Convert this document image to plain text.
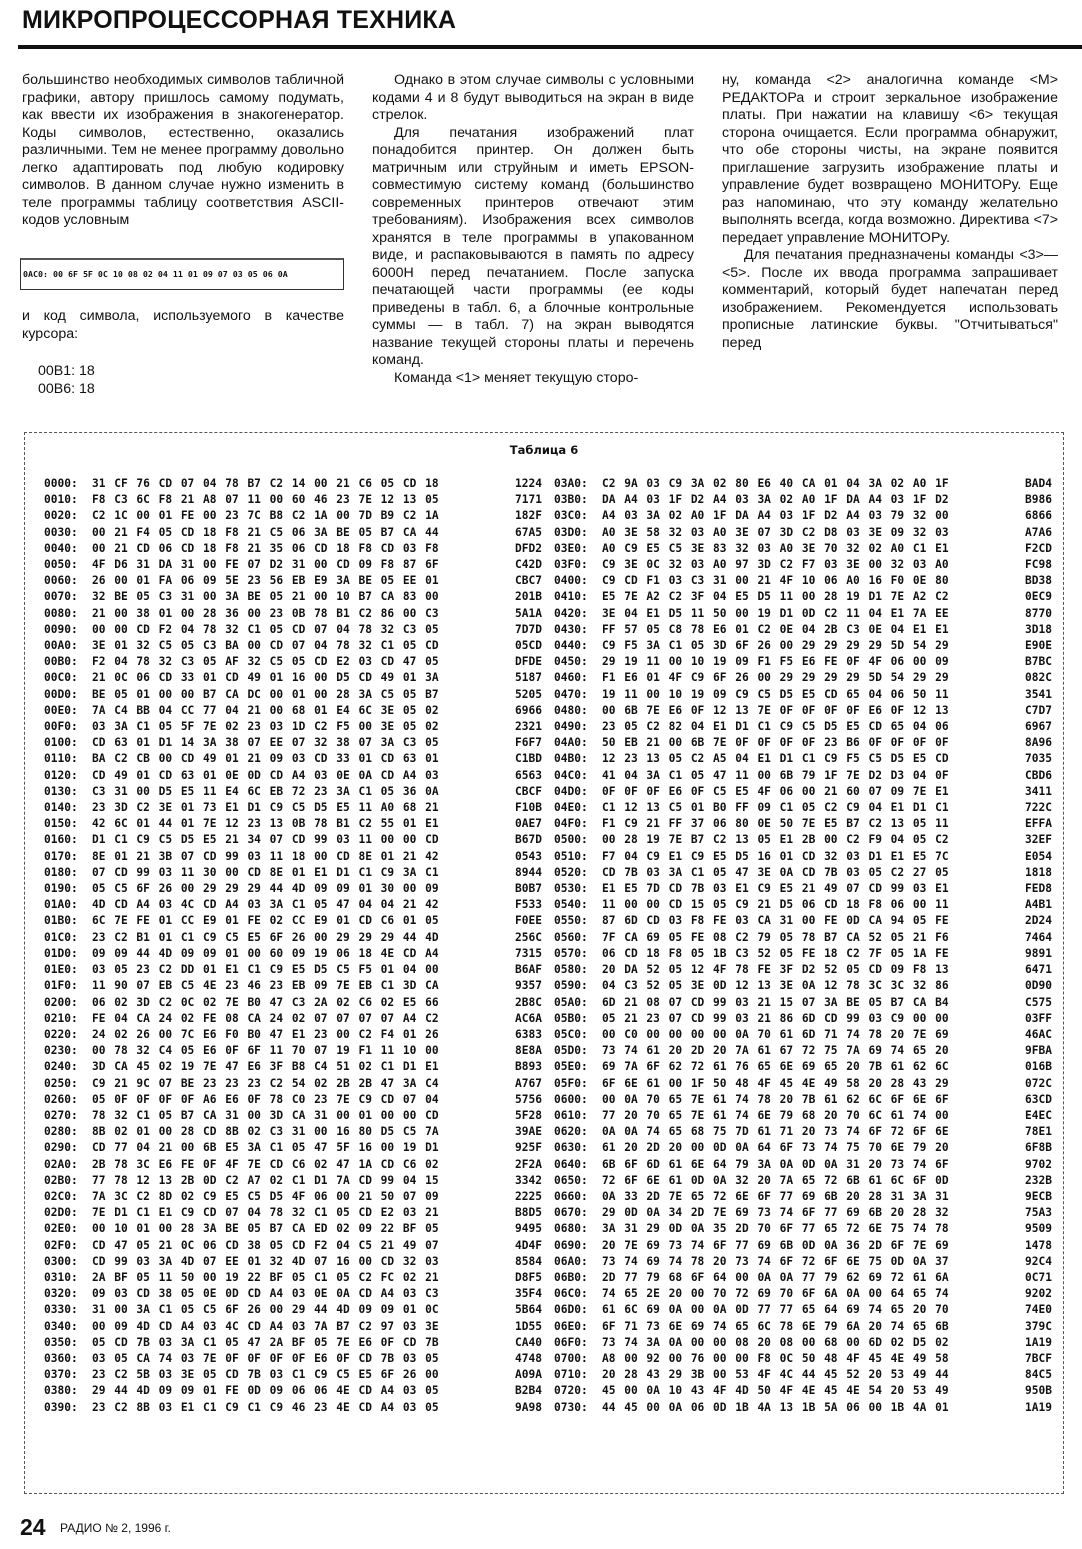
МИКРОПРОЦЕССОРНАЯ ТЕХНИКА

большинство необходимых символов табличной графики, автору пришлось самому подумать, как ввести их изображения в знакогенератор. Коды символов, естественно, оказались различными. Тем не менее программу довольно легко адаптировать под любую кодировку символов. В данном случае нужно изменить в теле программы таблицу соответствия ASCII-кодов условным

0AC0: 00 6F 5F 0C 10 08 02 04 11 01 09 07 03 05 06 0A

и код символа, используемого в качестве курсора:

00B1: 18
00B6: 18

Однако в этом случае символы с условными кодами 4 и 8 будут выводиться на экран в виде стрелок.

Для печатания изображений плат понадобится принтер. Он должен быть матричным или струйным и иметь EPSON-совместимую систему команд (большинство современных принтеров отвечают этим требованиям). Изображения всех символов хранятся в теле программы в упакованном виде, и распаковываются в память по адресу 6000H перед печатанием. После запуска печатающей части программы (ее коды приведены в табл. 6, а блочные контрольные суммы — в табл. 7) на экран выводятся название текущей стороны платы и перечень команд.

Команда <1> меняет текущую сторо-

ну, команда <2> аналогична команде <M> РЕДАКТОРа и строит зеркальное изображение платы. При нажатии на клавишу <6> текущая сторона очищается. Если программа обнаружит, что обе стороны чисты, на экране появится приглашение загрузить изображение платы и управление будет возвращено МОНИТОРу. Еще раз напоминаю, что эту команду желательно выполнять всегда, когда возможно. Директива <7> передает управление МОНИТОРу.

Для печатания предназначены команды <3>—<5>. После их ввода программа запрашивает комментарий, который будет напечатан перед изображением. Рекомендуется использовать прописные латинские буквы. "Отчитываться" перед

Таблица 6
0000:	31 CF 76 CD 07 04 78 B7 C2 14 00 21 C6 05 CD 18	1224
0010:	F8 C3 6C F8 21 A8 07 11 00 60 46 23 7E 12 13 05	7171
0020:	C2 1C 00 01 FE 00 23 7C B8 C2 1A 00 7D B9 C2 1A	182F
0030:	00 21 F4 05 CD 18 F8 21 C5 06 3A BE 05 B7 CA 44	67A5
0040:	00 21 CD 06 CD 18 F8 21 35 06 CD 18 F8 CD 03 F8	DFD2
0050:	4F D6 31 DA 31 00 FE 07 D2 31 00 CD 09 F8 87 6F	C42D
0060:	26 00 01 FA 06 09 5E 23 56 EB E9 3A BE 05 EE 01	CBC7
0070:	32 BE 05 C3 31 00 3A BE 05 21 00 10 B7 CA 83 00	201B
0080:	21 00 38 01 00 28 36 00 23 0B 78 B1 C2 86 00 C3	5A1A
0090:	00 00 CD F2 04 78 32 C1 05 CD 07 04 78 32 C3 05	7D7D
00A0:	3E 01 32 C5 05 C3 BA 00 CD 07 04 78 32 C1 05 CD	05CD
00B0:	F2 04 78 32 C3 05 AF 32 C5 05 CD E2 03 CD 47 05	DFDE
00C0:	21 0C 06 CD 33 01 CD 49 01 16 00 D5 CD 49 01 3A	5187
00D0:	BE 05 01 00 00 B7 CA DC 00 01 00 28 3A C5 05 B7	5205
00E0:	7A C4 BB 04 CC 77 04 21 00 68 01 E4 6C 3E 05 02	6966
00F0:	03 3A C1 05 5F 7E 02 23 03 1D C2 F5 00 3E 05 02	2321
0100:	CD 63 01 D1 14 3A 38 07 EE 07 32 38 07 3A C3 05	F6F7
0110:	BA C2 CB 00 CD 49 01 21 09 03 CD 33 01 CD 63 01	C1BD
0120:	CD 49 01 CD 63 01 0E 0D CD A4 03 0E 0A CD A4 03	6563
0130:	C3 31 00 D5 E5 11 E4 6C EB 72 23 3A C1 05 36 0A	CBCF
0140:	23 3D C2 3E 01 73 E1 D1 C9 C5 D5 E5 11 A0 68 21	F10B
0150:	42 6C 01 44 01 7E 12 23 13 0B 78 B1 C2 55 01 E1	0AE7
0160:	D1 C1 C9 C5 D5 E5 21 34 07 CD 99 03 11 00 00 CD	B67D
0170:	8E 01 21 3B 07 CD 99 03 11 18 00 CD 8E 01 21 42	0543
0180:	07 CD 99 03 11 30 00 CD 8E 01 E1 D1 C1 C9 3A C1	8944
0190:	05 C5 6F 26 00 29 29 29 44 4D 09 09 01 30 00 09	B0B7
01A0:	4D CD A4 03 4C CD A4 03 3A C1 05 47 04 04 21 42	F533
01B0:	6C 7E FE 01 CC E9 01 FE 02 CC E9 01 CD C6 01 05	F0EE
01C0:	23 C2 B1 01 C1 C9 C5 E5 6F 26 00 29 29 29 44 4D	256C
01D0:	09 09 44 4D 09 09 01 00 60 09 19 06 18 4E CD A4	7315
01E0:	03 05 23 C2 DD 01 E1 C1 C9 E5 D5 C5 F5 01 04 00	B6AF
01F0:	11 90 07 EB C5 4E 23 46 23 EB 09 7E EB C1 3D CA	9357
0200:	06 02 3D C2 0C 02 7E B0 47 C3 2A 02 C6 02 E5 66	2B8C
0210:	FE 04 CA 24 02 FE 08 CA 24 02 07 07 07 07 A4 C2	AC6A
0220:	24 02 26 00 7C E6 F0 B0 47 E1 23 00 C2 F4 01 26	6383
0230:	00 78 32 C4 05 E6 0F 6F 11 70 07 19 F1 11 10 00	8E8A
0240:	3D CA 45 02 19 7E 47 E6 3F B8 C4 51 02 C1 D1 E1	B893
0250:	C9 21 9C 07 BE 23 23 23 C2 54 02 2B 2B 47 3A C4	A767
0260:	05 0F 0F 0F 0F A6 E6 0F 78 C0 23 7E C9 CD 07 04	5756
0270:	78 32 C1 05 B7 CA 31 00 3D CA 31 00 01 00 00 CD	5F28
0280:	8B 02 01 00 28 CD 8B 02 C3 31 00 16 80 D5 C5 7A	39AE
0290:	CD 77 04 21 00 6B E5 3A C1 05 47 5F 16 00 19 D1	925F
02A0:	2B 78 3C E6 FE 0F 4F 7E CD C6 02 47 1A CD C6 02	2F2A
02B0:	77 78 12 13 2B 0D C2 A7 02 C1 D1 7A CD 99 04 15	3342
02C0:	7A 3C C2 8D 02 C9 E5 C5 D5 4F 06 00 21 50 07 09	2225
02D0:	7E D1 C1 E1 C9 CD 07 04 78 32 C1 05 CD E2 03 21	B8D5
02E0:	00 10 01 00 28 3A BE 05 B7 CA ED 02 09 22 BF 05	9495
02F0:	CD 47 05 21 0C 06 CD 38 05 CD F2 04 C5 21 49 07	4D4F
0300:	CD 99 03 3A 4D 07 EE 01 32 4D 07 16 00 CD 32 03	8584
0310:	2A BF 05 11 50 00 19 22 BF 05 C1 05 C2 FC 02 21	D8F5
0320:	09 03 CD 38 05 0E 0D CD A4 03 0E 0A CD A4 03 C3	35F4
0330:	31 00 3A C1 05 C5 6F 26 00 29 44 4D 09 09 01 0C	5B64
0340:	00 09 4D CD A4 03 4C CD A4 03 7A B7 C2 97 03 3E	1D55
0350:	05 CD 7B 03 3A C1 05 47 2A BF 05 7E E6 0F CD 7B	CA40
0360:	03 05 CA 74 03 7E 0F 0F 0F 0F E6 0F CD 7B 03 05	4748
0370:	23 C2 5B 03 3E 05 CD 7B 03 C1 C9 C5 E5 6F 26 00	A09A
0380:	29 44 4D 09 09 01 FE 0D 09 06 06 4E CD A4 03 05	B2B4
0390:	23 C2 8B 03 E1 C1 C9 C1 C9 46 23 4E CD A4 03 05	9A98
03A0:	C2 9A 03 C9 3A 02 80 E6 40 CA 01 04 3A 02 A0 1F	BAD4
03B0:	DA A4 03 1F D2 A4 03 3A 02 A0 1F DA A4 03 1F D2	B986
03C0:	A4 03 3A 02 A0 1F DA A4 03 1F D2 A4 03 79 32 00	6866
03D0:	A0 3E 58 32 03 A0 3E 07 3D C2 D8 03 3E 09 32 03	A7A6
03E0:	A0 C9 E5 C5 3E 83 32 03 A0 3E 70 32 02 A0 C1 E1	F2CD
03F0:	C9 3E 0C 32 03 A0 97 3D C2 F7 03 3E 00 32 03 A0	FC98
0400:	C9 CD F1 03 C3 31 00 21 4F 10 06 A0 16 F0 0E 80	BD38
0410:	E5 7E A2 C2 3F 04 E5 D5 11 00 28 19 D1 7E A2 C2	0EC9
0420:	3E 04 E1 D5 11 50 00 19 D1 0D C2 11 04 E1 7A EE	8770
0430:	FF 57 05 C8 78 E6 01 C2 0E 04 2B C3 0E 04 E1 E1	3D18
0440:	C9 F5 3A C1 05 3D 6F 26 00 29 29 29 29 5D 54 29	E90E
0450:	29 19 11 00 10 19 09 F1 F5 E6 FE 0F 4F 06 00 09	B7BC
0460:	F1 E6 01 4F C9 6F 26 00 29 29 29 29 5D 54 29 29	082C
0470:	19 11 00 10 19 09 C9 C5 D5 E5 CD 65 04 06 50 11	3541
0480:	00 6B 7E E6 0F 12 13 7E 0F 0F 0F 0F E6 0F 12 13	C7D7
0490:	23 05 C2 82 04 E1 D1 C1 C9 C5 D5 E5 CD 65 04 06	6967
04A0:	50 EB 21 00 6B 7E 0F 0F 0F 0F 23 B6 0F 0F 0F 0F	8A96
04B0:	12 23 13 05 C2 A5 04 E1 D1 C1 C9 F5 C5 D5 E5 CD	7035
04C0:	41 04 3A C1 05 47 11 00 6B 79 1F 7E D2 D3 04 0F	CBD6
04D0:	0F 0F 0F E6 0F C5 E5 4F 06 00 21 60 07 09 7E E1	3411
04E0:	C1 12 13 C5 01 B0 FF 09 C1 05 C2 C9 04 E1 D1 C1	722C
04F0:	F1 C9 21 FF 37 06 80 0E 50 7E E5 B7 C2 13 05 11	EFFA
0500:	00 28 19 7E B7 C2 13 05 E1 2B 00 C2 F9 04 05 C2	32EF
0510:	F7 04 C9 E1 C9 E5 D5 16 01 CD 32 03 D1 E1 E5 7C	E054
0520:	CD 7B 03 3A C1 05 47 3E 0A CD 7B 03 05 C2 27 05	1818
0530:	E1 E5 7D CD 7B 03 E1 C9 E5 21 49 07 CD 99 03 E1	FED8
0540:	11 00 00 CD 15 05 C9 21 D5 06 CD 18 F8 06 00 11	A4B1
0550:	87 6D CD 03 F8 FE 03 CA 31 00 FE 0D CA 94 05 FE	2D24
0560:	7F CA 69 05 FE 08 C2 79 05 78 B7 CA 52 05 21 F6	7464
0570:	06 CD 18 F8 05 1B C3 52 05 FE 18 C2 7F 05 1A FE	9891
0580:	20 DA 52 05 12 4F 78 FE 3F D2 52 05 CD 09 F8 13	6471
0590:	04 C3 52 05 3E 0D 12 13 3E 0A 12 78 3C 3C 32 86	0D90
05A0:	6D 21 08 07 CD 99 03 21 15 07 3A BE 05 B7 CA B4	C575
05B0:	05 21 23 07 CD 99 03 21 86 6D CD 99 03 C9 00 00	03FF
05C0:	00 C0 00 00 00 00 0A 70 61 6D 71 74 78 20 7E 69	46AC
05D0:	73 74 61 20 2D 20 7A 61 67 72 75 7A 69 74 65 20	9FBA
05E0:	69 7A 6F 62 72 61 76 65 6E 69 65 20 7B 61 62 6C	016B
05F0:	6F 6E 61 00 1F 50 48 4F 45 4E 49 58 20 28 43 29	072C
0600:	00 0A 70 65 7E 61 74 78 20 7B 61 62 6C 6F 6E 6F	63CD
0610:	77 20 70 65 7E 61 74 6E 79 68 20 70 6C 61 74 00	E4EC
0620:	0A 0A 74 65 68 75 7D 61 71 20 73 74 6F 72 6F 6E	78E1
0630:	61 20 2D 20 00 0D 0A 64 6F 73 74 75 70 6E 79 20	6F8B
0640:	6B 6F 6D 61 6E 64 79 3A 0A 0D 0A 31 20 73 74 6F	9702
0650:	72 6F 6E 61 0D 0A 32 20 7A 65 72 6B 61 6C 6F 0D	232B
0660:	0A 33 2D 7E 65 72 6E 6F 77 69 6B 20 28 31 3A 31	9ECB
0670:	29 0D 0A 34 2D 7E 69 73 74 6F 77 69 6B 20 28 32	75A3
0680:	3A 31 29 0D 0A 35 2D 70 6F 77 65 72 6E 75 74 78	9509
0690:	20 7E 69 73 74 6F 77 69 6B 0D 0A 36 2D 6F 7E 69	1478
06A0:	73 74 69 74 78 20 73 74 6F 72 6F 6E 75 0D 0A 37	92C4
06B0:	2D 77 79 68 6F 64 00 0A 0A 77 79 62 69 72 61 6A	0C71
06C0:	74 65 2E 20 00 70 72 69 70 6F 6A 0A 00 64 65 74	9202
06D0:	61 6C 69 0A 00 0A 0D 77 77 65 64 69 74 65 20 70	74E0
06E0:	6F 71 73 6E 69 74 65 6C 78 6E 79 6A 20 74 65 6B	379C
06F0:	73 74 3A 0A 00 00 08 20 08 00 68 00 6D 02 D5 02	1A19
0700:	A8 00 92 00 76 00 00 F8 0C 50 48 4F 45 4E 49 58	7BCF
0710:	20 28 43 29 3B 00 53 4F 4C 44 45 52 20 53 49 44	84C5
0720:	45 00 0A 10 43 4F 4D 50 4F 4E 45 4E 54 20 53 49	950B
0730:	44 45 00 0A 06 0D 1B 4A 13 1B 5A 06 00 1B 4A 01	1A19
24 РАДИО № 2, 1996 г.
